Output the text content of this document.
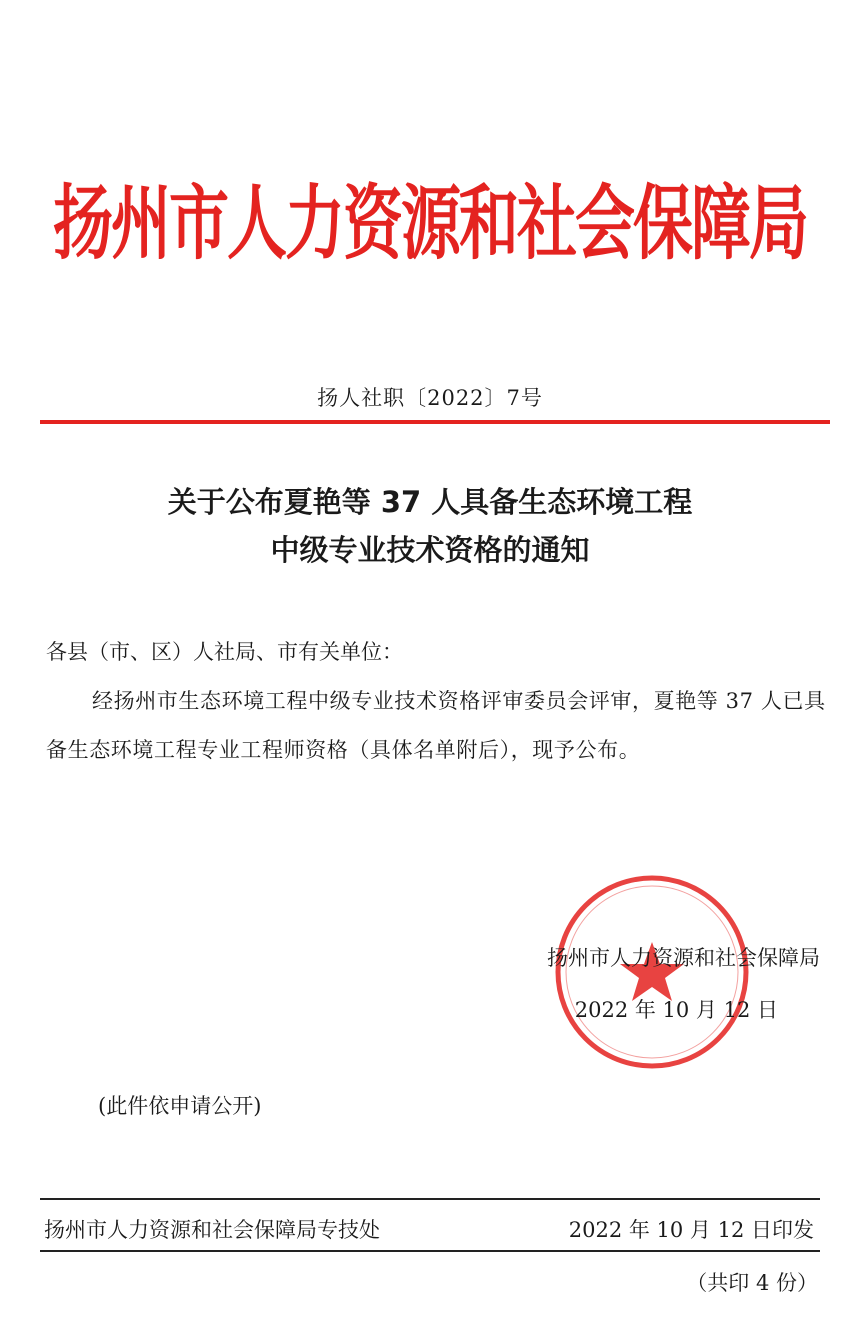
扬州市人力资源和社会保障局
扬人社职〔2022〕7号
关于公布夏艳等 37 人具备生态环境工程
中级专业技术资格的通知

各县（市、区）人社局、市有关单位：

经扬州市生态环境工程中级专业技术资格评审委员会评审，夏艳等 37 人已具备生态环境工程专业工程师资格（具体名单附后），现予公布。

扬州市人力资源和社会保障局
2022 年 10 月 12 日
(此件依申请公开)
扬州市人力资源和社会保障局专技处	2022 年 10 月 12 日印发
（共印 4 份）
